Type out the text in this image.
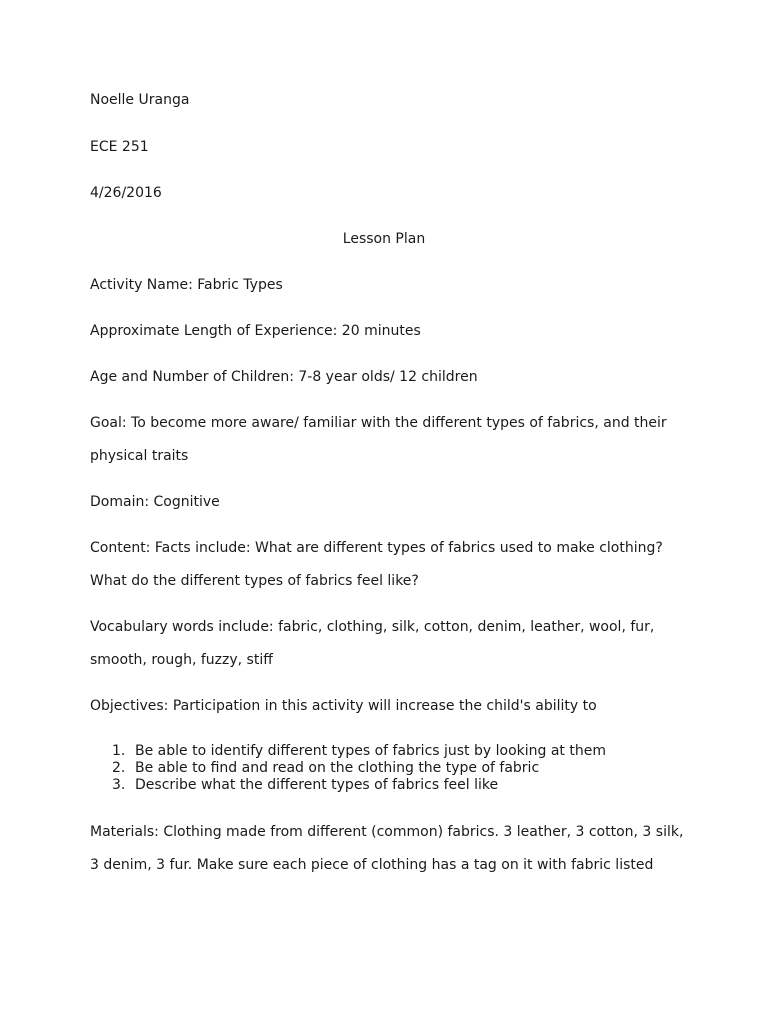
Noelle Uranga
ECE 251
4/26/2016
Lesson Plan
Activity Name: Fabric Types
Approximate Length of Experience: 20 minutes
Age and Number of Children: 7-8 year olds/ 12 children
Goal: To become more aware/ familiar with the different types of fabrics, and their
physical traits
Domain: Cognitive
Content: Facts include: What are different types of fabrics used to make clothing?
What do the different types of fabrics feel like?
Vocabulary words include: fabric, clothing, silk, cotton, denim, leather, wool, fur,
smooth, rough, fuzzy, stiff
Objectives: Participation in this activity will increase the child's ability to
1. Be able to identify different types of fabrics just by looking at them
2. Be able to find and read on the clothing the type of fabric
3. Describe what the different types of fabrics feel like
Materials: Clothing made from different (common) fabrics. 3 leather, 3 cotton, 3 silk,
3 denim, 3 fur. Make sure each piece of clothing has a tag on it with fabric listed
